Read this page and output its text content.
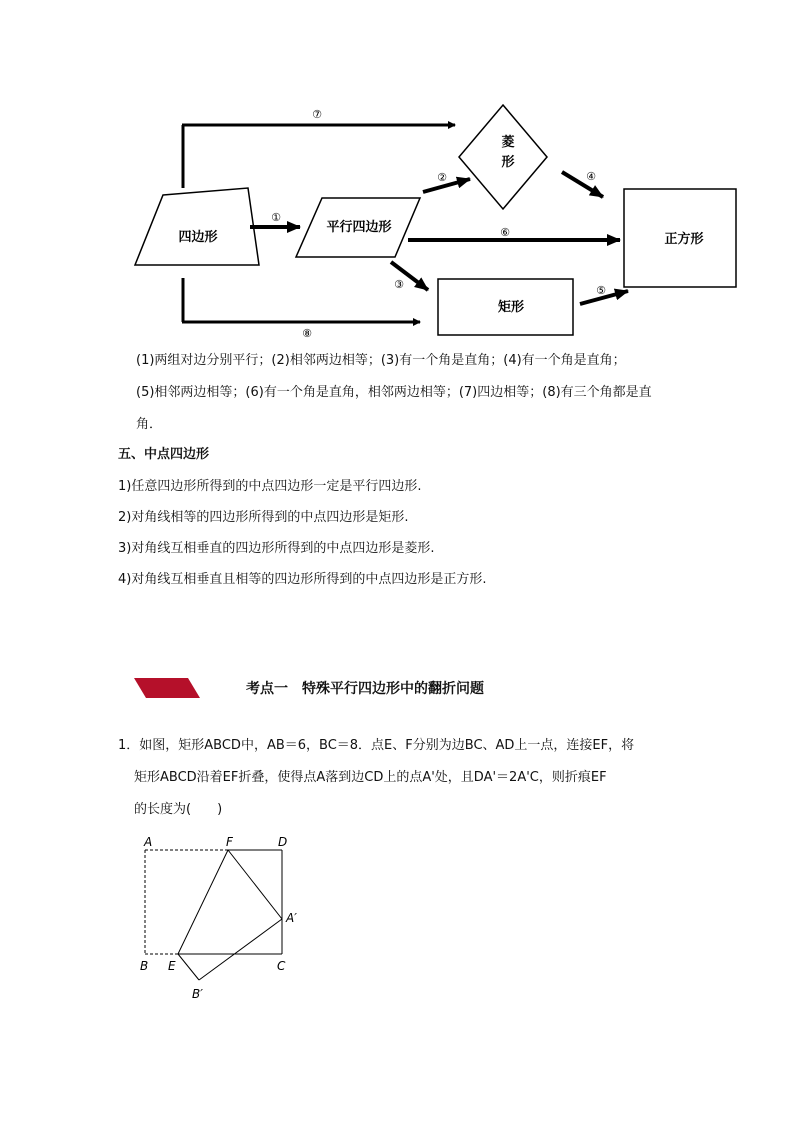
四边形
平行四边形
菱
形
矩形
正方形
①
②
③
④
⑤
⑥
⑦
⑧
(1)两组对边分别平行；(2)相邻两边相等；(3)有一个角是直角；(4)有一个角是直角；
(5)相邻两边相等；(6)有一个角是直角，相邻两边相等；(7)四边相等；(8)有三个角都是直
角．
五、中点四边形
1)任意四边形所得到的中点四边形一定是平行四边形.
2)对角线相等的四边形所得到的中点四边形是矩形.
3)对角线互相垂直的四边形所得到的中点四边形是菱形.
4)对角线互相垂直且相等的四边形所得到的中点四边形是正方形.
考点一　特殊平行四边形中的翻折问题
1．如图，矩形ABCD中，AB＝6，BC＝8．点E、F分别为边BC、AD上一点，连接EF，将
矩形ABCD沿着EF折叠，使得点A落到边CD上的点A'处，且DA'＝2A'C，则折痕EF
的长度为(　　)
A	F	D
A′
B E	C
B′
